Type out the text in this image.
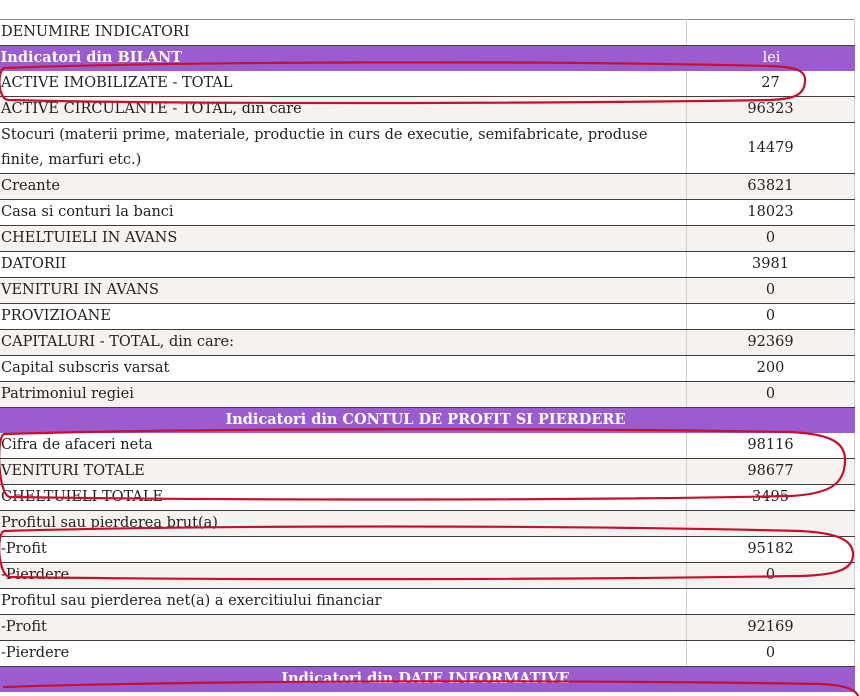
DENUMIRE INDICATORI	
Indicatori din BILANT	lei
ACTIVE IMOBILIZATE - TOTAL	27
ACTIVE CIRCULANTE - TOTAL, din care	96323
Stocuri (materii prime, materiale, productie in curs de executie, semifabricate, produse finite, marfuri etc.)	14479
Creante	63821
Casa si conturi la banci	18023
CHELTUIELI IN AVANS	0
DATORII	3981
VENITURI IN AVANS	0
PROVIZIOANE	0
CAPITALURI - TOTAL, din care:	92369
Capital subscris varsat	200
Patrimoniul regiei	0
Indicatori din CONTUL DE PROFIT SI PIERDERE	
Cifra de afaceri neta	98116
VENITURI TOTALE	98677
CHELTUIELI TOTALE	3495
Profitul sau pierderea brut(a)	
-Profit	95182
-Pierdere	0
Profitul sau pierderea net(a) a exercitiului financiar	
-Profit	92169
-Pierdere	0
Indicatori din DATE INFORMATIVE	
